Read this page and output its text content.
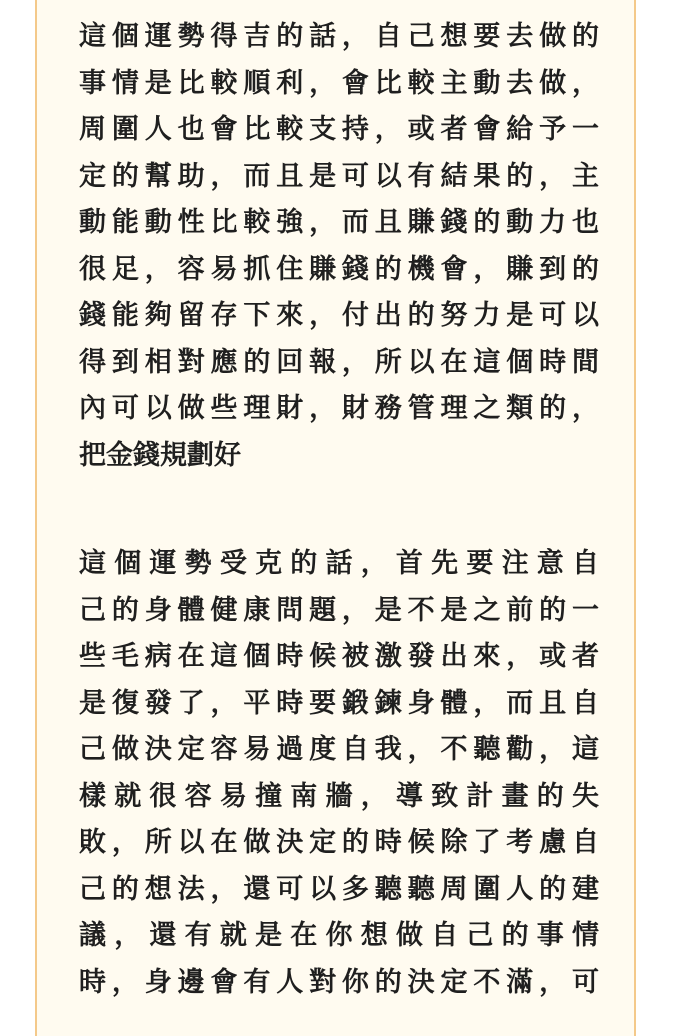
這個運勢得吉的話，自己想要去做的
事情是比較順利，會比較主動去做，
周圍人也會比較支持，或者會給予一
定的幫助，而且是可以有結果的，主
動能動性比較強，而且賺錢的動力也
很足，容易抓住賺錢的機會，賺到的
錢能夠留存下來，付出的努力是可以
得到相對應的回報，所以在這個時間
內可以做些理財，財務管理之類的，
把金錢規劃好

這個運勢受克的話，首先要注意自
己的身體健康問題，是不是之前的一
些毛病在這個時候被激發出來，或者
是復發了，平時要鍛鍊身體，而且自
己做決定容易過度自我，不聽勸，這
樣就很容易撞南牆，導致計畫的失
敗，所以在做決定的時候除了考慮自
己的想法，還可以多聽聽周圍人的建
議，還有就是在你想做自己的事情
時，身邊會有人對你的決定不滿，可
